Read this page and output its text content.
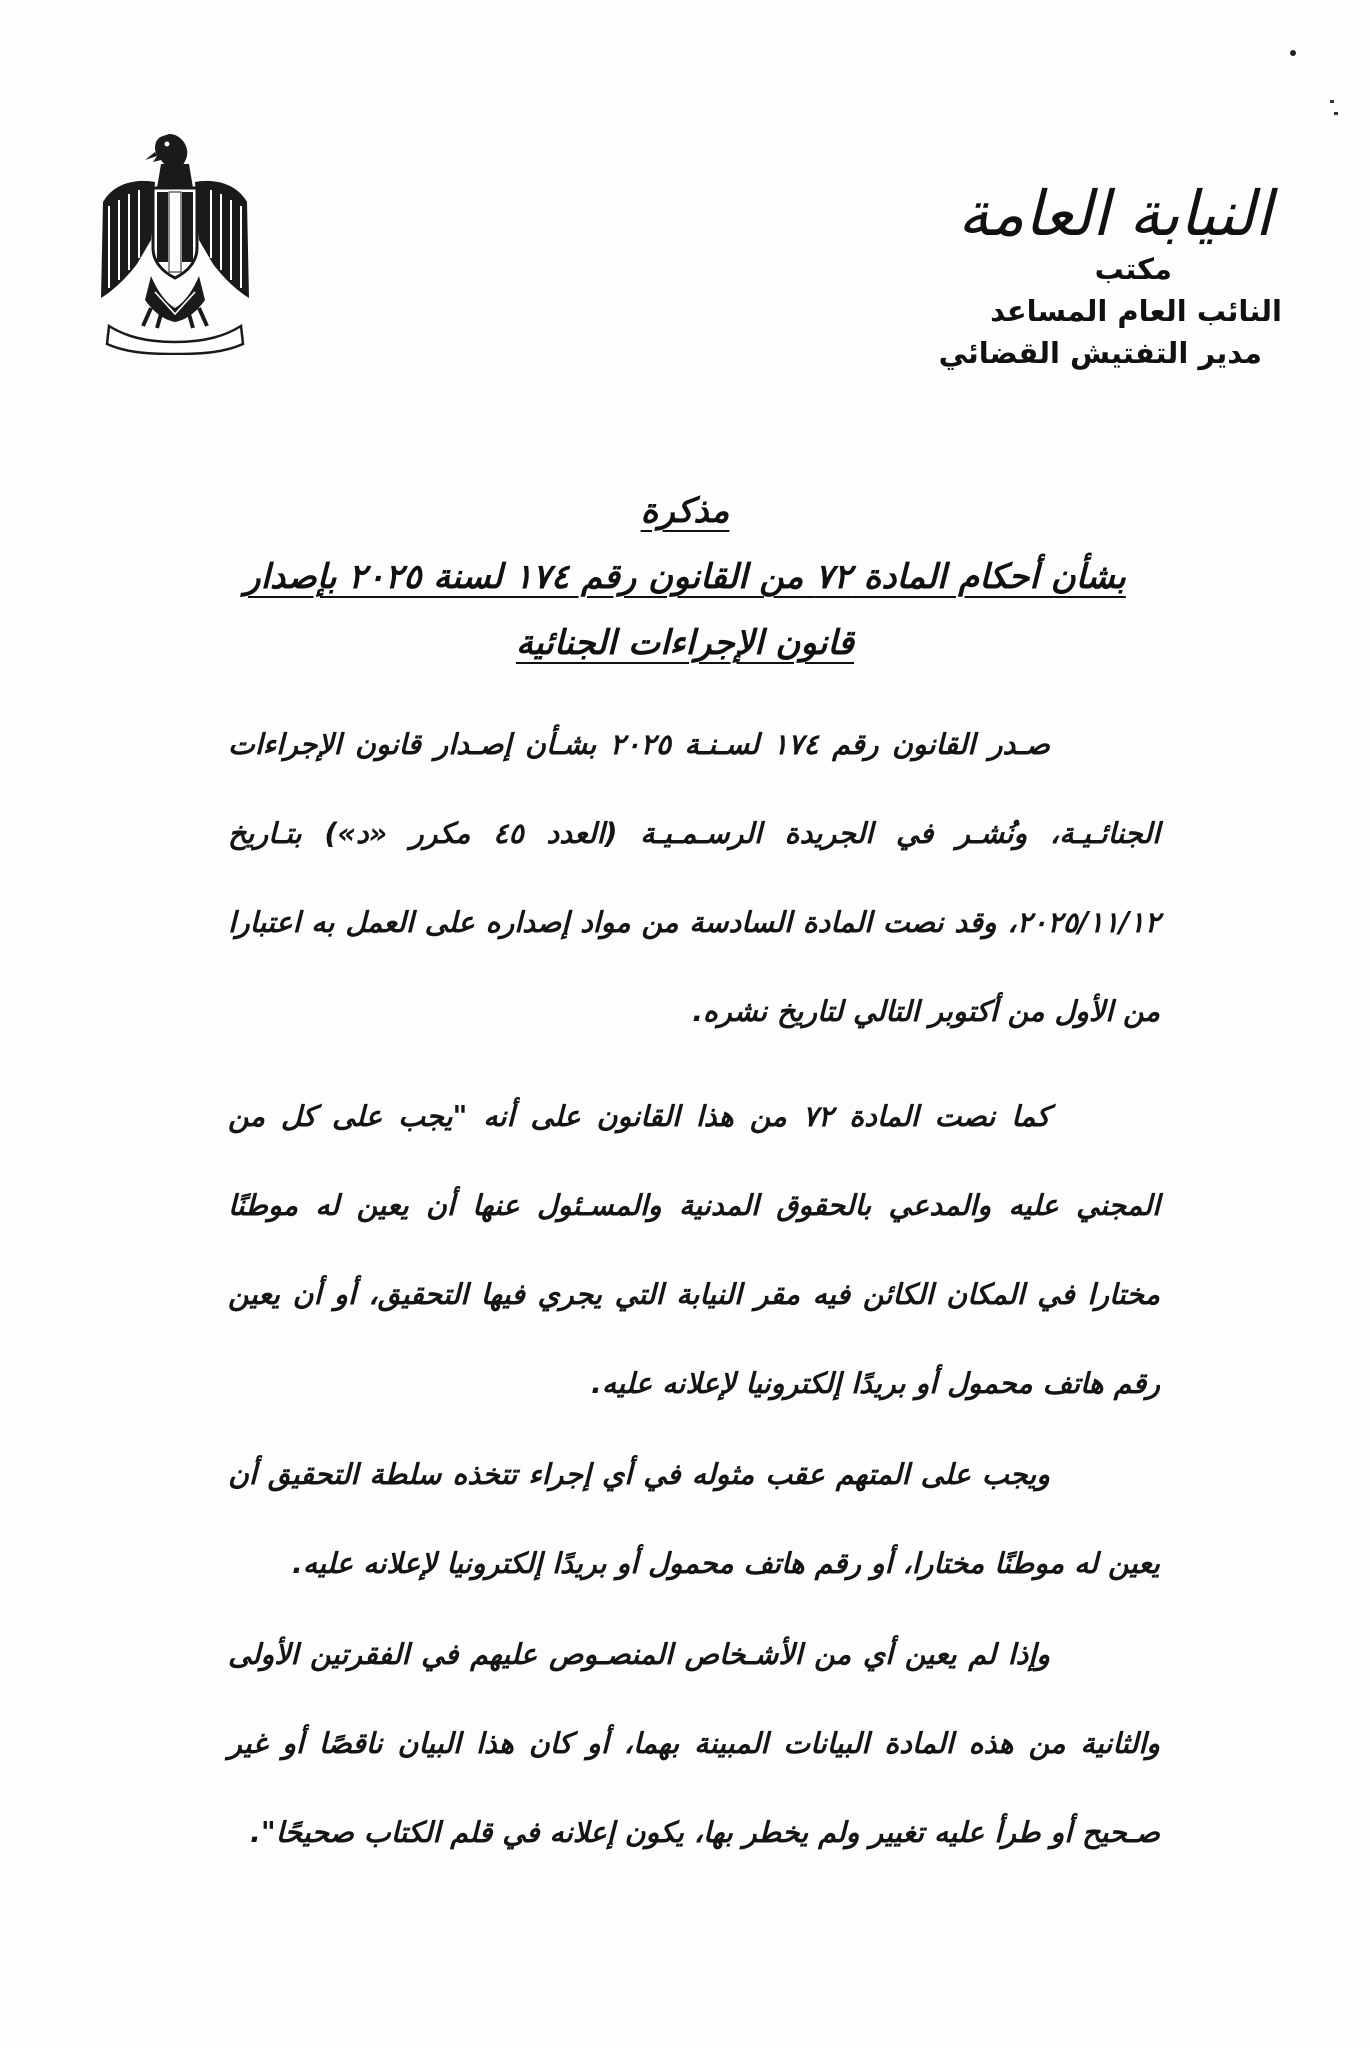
النيابة العامة

مكتب

النائب العام المساعد

مدير التفتيش القضائي

مذكرة

بشأن أحكام المادة ٧٢ من القانون رقم ١٧٤ لسنة ٢٠٢٥ بإصدار

قانون الإجراءات الجنائية

صـدر القانون رقم ١٧٤ لسـنـة ٢٠٢٥ بشـأن إصـدار قانون الإجراءات الجنائـيـة، ونُشـر في الجريدة الرسـمـيـة (العدد ٤٥ مكرر «د») بتـاريخ ٢٠٢٥/١١/١٢، وقد نصت المادة السادسة من مواد إصداره على العمل به اعتبارا من الأول من أكتوبر التالي لتاريخ نشره.

كما نصت المادة ٧٢ من هذا القانون على أنه "يجب على كل من المجني عليه والمدعي بالحقوق المدنية والمسـئول عنها أن يعين له موطنًا مختارا في المكان الكائن فيه مقر النيابة التي يجري فيها التحقيق، أو أن يعين رقم هاتف محمول أو بريدًا إلكترونيا لإعلانه عليه.

ويجب على المتهم عقب مثوله في أي إجراء تتخذه سلطة التحقيق أن يعين له موطنًا مختارا، أو رقم هاتف محمول أو بريدًا إلكترونيا لإعلانه عليه.

وإذا لم يعين أي من الأشـخاص المنصـوص عليهم في الفقرتين الأولى والثانية من هذه المادة البيانات المبينة بهما، أو كان هذا البيان ناقصًا أو غير صـحيح أو طرأ عليه تغيير ولم يخطر بها، يكون إعلانه في قلم الكتاب صحيحًا".
